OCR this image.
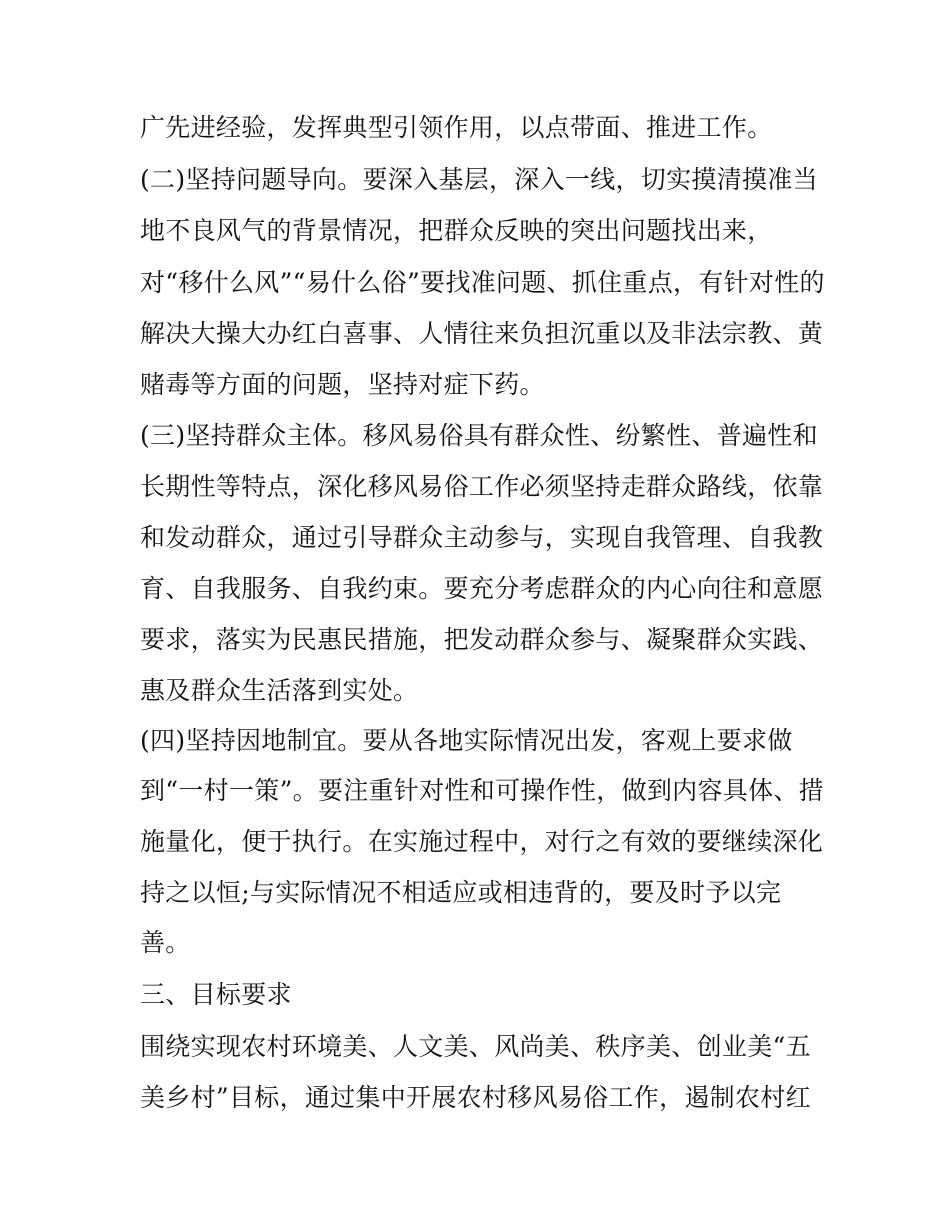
广先进经验，发挥典型引领作用，以点带面、推进工作。
(二)坚持问题导向。要深入基层，深入一线，切实摸清摸准当
地不良风气的背景情况，把群众反映的突出问题找出来，
对“移什么风”“易什么俗”要找准问题、抓住重点，有针对性的
解决大操大办红白喜事、人情往来负担沉重以及非法宗教、黄
赌毒等方面的问题，坚持对症下药。
(三)坚持群众主体。移风易俗具有群众性、纷繁性、普遍性和
长期性等特点，深化移风易俗工作必须坚持走群众路线，依靠
和发动群众，通过引导群众主动参与，实现自我管理、自我教
育、自我服务、自我约束。要充分考虑群众的内心向往和意愿
要求，落实为民惠民措施，把发动群众参与、凝聚群众实践、
惠及群众生活落到实处。
(四)坚持因地制宜。要从各地实际情况出发，客观上要求做
到“一村一策”。要注重针对性和可操作性，做到内容具体、措
施量化，便于执行。在实施过程中，对行之有效的要继续深化
持之以恒;与实际情况不相适应或相违背的，要及时予以完
善。
三、目标要求
围绕实现农村环境美、人文美、风尚美、秩序美、创业美“五
美乡村”目标，通过集中开展农村移风易俗工作，遏制农村红
